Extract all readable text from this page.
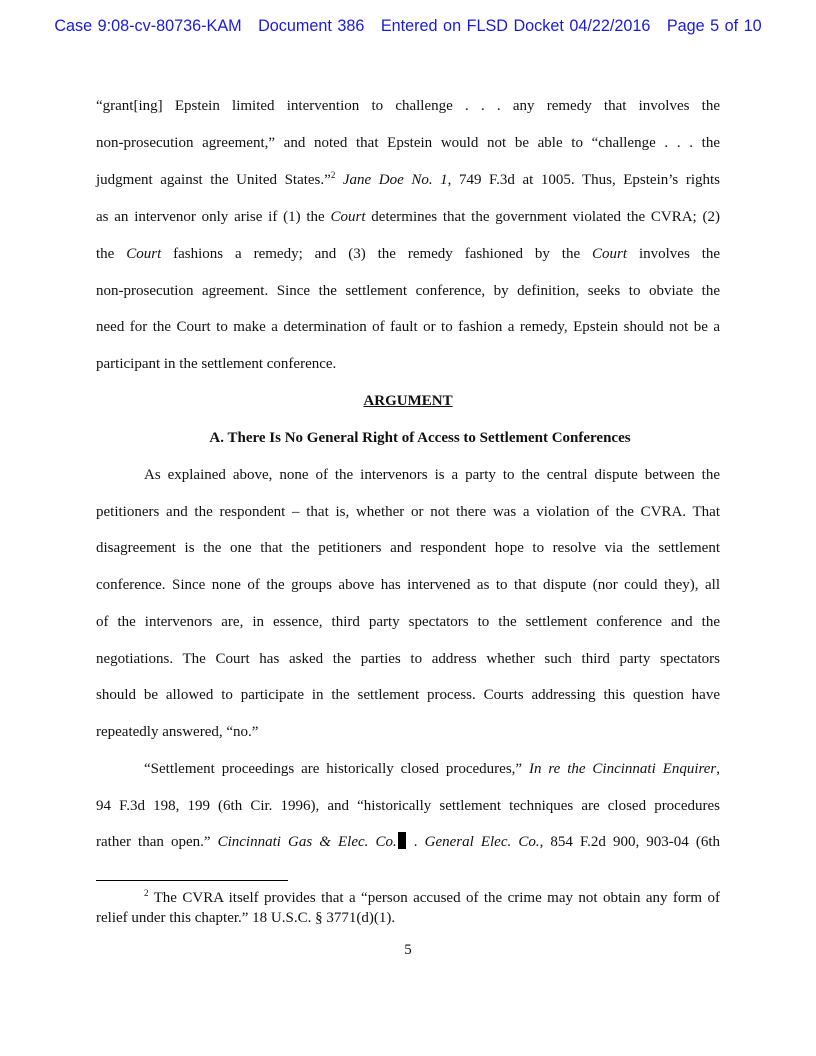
Case 9:08-cv-80736-KAM   Document 386   Entered on FLSD Docket 04/22/2016   Page 5 of 10
“grant[ing] Epstein limited intervention to challenge . . . any remedy that involves the
non-prosecution agreement,” and noted that Epstein would not be able to “challenge . . . the
judgment against the United States.”$^2$ Jane Doe No. 1, 749 F.3d at 1005. Thus, Epstein’s rights
as an intervenor only arise if (1) the Court determines that the government violated the CVRA; (2)
the Court fashions a remedy; and (3) the remedy fashioned by the Court involves the
non-prosecution agreement. Since the settlement conference, by definition, seeks to obviate the
need for the Court to make a determination of fault or to fashion a remedy, Epstein should not be a
participant in the settlement conference.
ARGUMENT
A. There Is No General Right of Access to Settlement Conferences
As explained above, none of the intervenors is a party to the central dispute between the
petitioners and the respondent – that is, whether or not there was a violation of the CVRA. That
disagreement is the one that the petitioners and respondent hope to resolve via the settlement
conference. Since none of the groups above has intervened as to that dispute (nor could they), all
of the intervenors are, in essence, third party spectators to the settlement conference and the
negotiations. The Court has asked the parties to address whether such third party spectators
should be allowed to participate in the settlement process. Courts addressing this question have
repeatedly answered, “no.”
“Settlement proceedings are historically closed procedures,” In re the Cincinnati Enquirer,
94 F.3d 198, 199 (6th Cir. 1996), and “historically settlement techniques are closed procedures
rather than open.” Cincinnati Gas & Elec. Co. . General Elec. Co., 854 F.2d 900, 903-04 (6th
$^2$ The CVRA itself provides that a “person accused of the crime may not obtain any form of
relief under this chapter.” 18 U.S.C. § 3771(d)(1).
5
